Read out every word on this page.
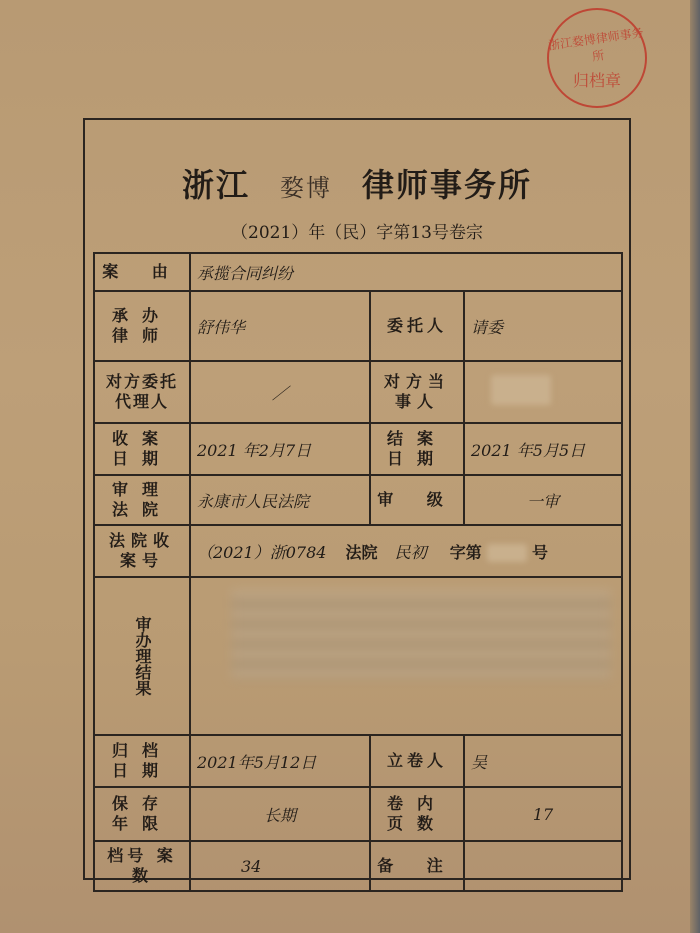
浙江婺博律师事务所
归档章
浙江 婺博 律师事务所
（2021）年（民）字第13号卷宗
案 由	承揽合同纠纷		
承办律师	舒伟华	委托人	请委
对方委托代理人	／	对方当事人	
收案日期	2021 年2月7日	结案日期	2021 年5月5日
审理法院	永康市人民法院	审 级	一审
法院收案号	（2021）浙0784 法院 民初 字第 号		
审办理结果			

归档日期	2021年5月12日	立卷人	吴
保存年限	长期	卷内页数	17
档号 案数	34	备 注	
